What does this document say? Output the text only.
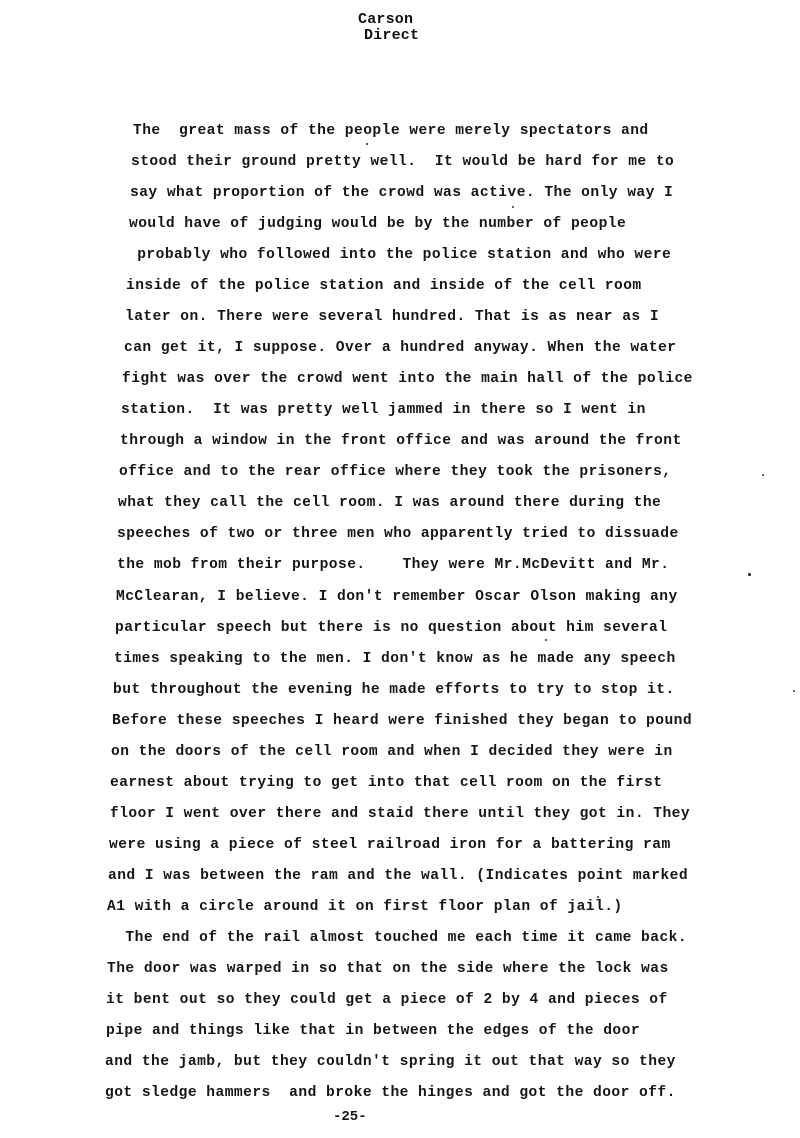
Carson
Direct
The  great mass of the people were merely spectators and
stood their ground pretty well.  It would be hard for me to
say what proportion of the crowd was active. The only way I
would have of judging would be by the number of people
probably who followed into the police station and who were
inside of the police station and inside of the cell room
later on. There were several hundred. That is as near as I
can get it, I suppose. Over a hundred anyway. When the water
fight was over the crowd went into the main hall of the police
station.  It was pretty well jammed in there so I went in
through a window in the front office and was around the front
office and to the rear office where they took the prisoners,
what they call the cell room. I was around there during the
speeches of two or three men who apparently tried to dissuade
the mob from their purpose.    They were Mr.McDevitt and Mr.
McClearan, I believe. I don't remember Oscar Olson making any
particular speech but there is no question about him several
times speaking to the men. I don't know as he made any speech
but throughout the evening he made efforts to try to stop it.
Before these speeches I heard were finished they began to pound
on the doors of the cell room and when I decided they were in
earnest about trying to get into that cell room on the first
floor I went over there and staid there until they got in. They
were using a piece of steel railroad iron for a battering ram
and I was between the ram and the wall. (Indicates point marked
A1 with a circle around it on first floor plan of jail.)
The end of the rail almost touched me each time it came back.
The door was warped in so that on the side where the lock was
it bent out so they could get a piece of 2 by 4 and pieces of
pipe and things like that in between the edges of the door
and the jamb, but they couldn't spring it out that way so they
got sledge hammers  and broke the hinges and got the door off.
-25-
